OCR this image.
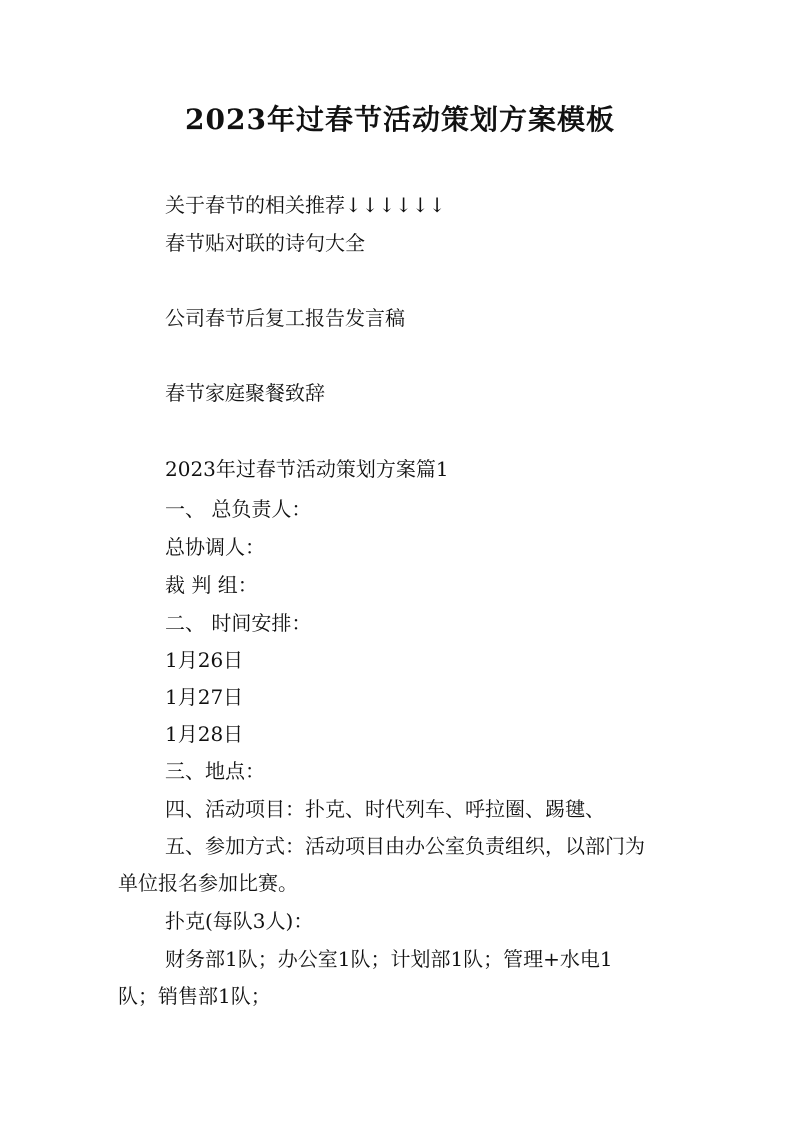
2023年过春节活动策划方案模板
关于春节的相关推荐↓↓↓↓↓↓
春节贴对联的诗句大全
公司春节后复工报告发言稿
春节家庭聚餐致辞
2023年过春节活动策划方案篇1
一、 总负责人：
总协调人：
裁 判 组：
二、 时间安排：
1月26日
1月27日
1月28日
三、地点：
四、活动项目：扑克、时代列车、呼拉圈、踢毽、
五、参加方式：活动项目由办公室负责组织，以部门为
单位报名参加比赛。
扑克(每队3人)：
财务部1队；办公室1队；计划部1队；管理+水电1
队；销售部1队；
